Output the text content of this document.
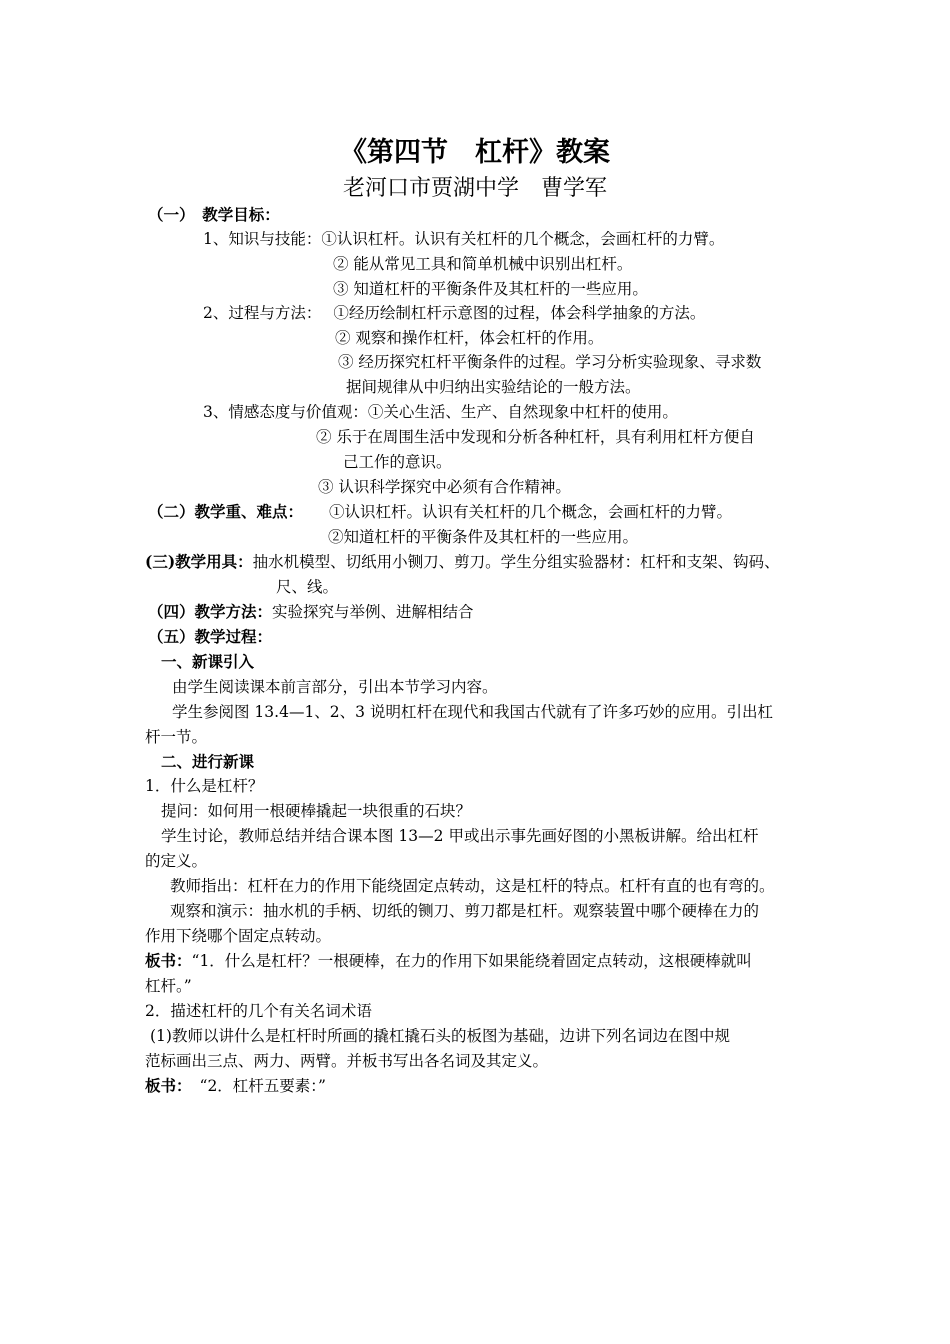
《第四节　杠杆》教案
老河口市贾湖中学　曹学军
（一）　教学目标：
1、知识与技能：①认识杠杆。认识有关杠杆的几个概念，会画杠杆的力臂。
② 能从常见工具和简单机械中识别出杠杆。
③ 知道杠杆的平衡条件及其杠杆的一些应用。
2、过程与方法： ①经历绘制杠杆示意图的过程，体会科学抽象的方法。
② 观察和操作杠杆，体会杠杆的作用。
③ 经历探究杠杆平衡条件的过程。学习分析实验现象、寻求数
据间规律从中归纳出实验结论的一般方法。
3、情感态度与价值观：①关心生活、生产、自然现象中杠杆的使用。
② 乐于在周围生活中发现和分析各种杠杆，具有利用杠杆方便自
己工作的意识。
③ 认识科学探究中必须有合作精神。
（二）教学重、难点： ①认识杠杆。认识有关杠杆的几个概念，会画杠杆的力臂。
②知道杠杆的平衡条件及其杠杆的一些应用。
(三)教学用具：抽水机模型、切纸用小铡刀、剪刀。学生分组实验器材：杠杆和支架、钩码、
尺、线。
（四）教学方法：实验探究与举例、进解相结合
（五）教学过程：
一、新课引入
由学生阅读课本前言部分，引出本节学习内容。
学生参阅图 13.4—1、2、3 说明杠杆在现代和我国古代就有了许多巧妙的应用。引出杠
杆一节。
二、进行新课
1．什么是杠杆？
提问：如何用一根硬棒撬起一块很重的石块？
学生讨论，教师总结并结合课本图 13—2 甲或出示事先画好图的小黑板讲解。给出杠杆
的定义。
教师指出：杠杆在力的作用下能绕固定点转动，这是杠杆的特点。杠杆有直的也有弯的。
观察和演示：抽水机的手柄、切纸的铡刀、剪刀都是杠杆。观察装置中哪个硬棒在力的
作用下绕哪个固定点转动。
板书：“1．什么是杠杆？一根硬棒，在力的作用下如果能绕着固定点转动，这根硬棒就叫
杠杆。”
2．描述杠杆的几个有关名词术语
(1)教师以讲什么是杠杆时所画的撬杠撬石头的板图为基础，边讲下列名词边在图中规
范标画出三点、两力、两臂。并板书写出各名词及其定义。
板书： “2．杠杆五要素：”
